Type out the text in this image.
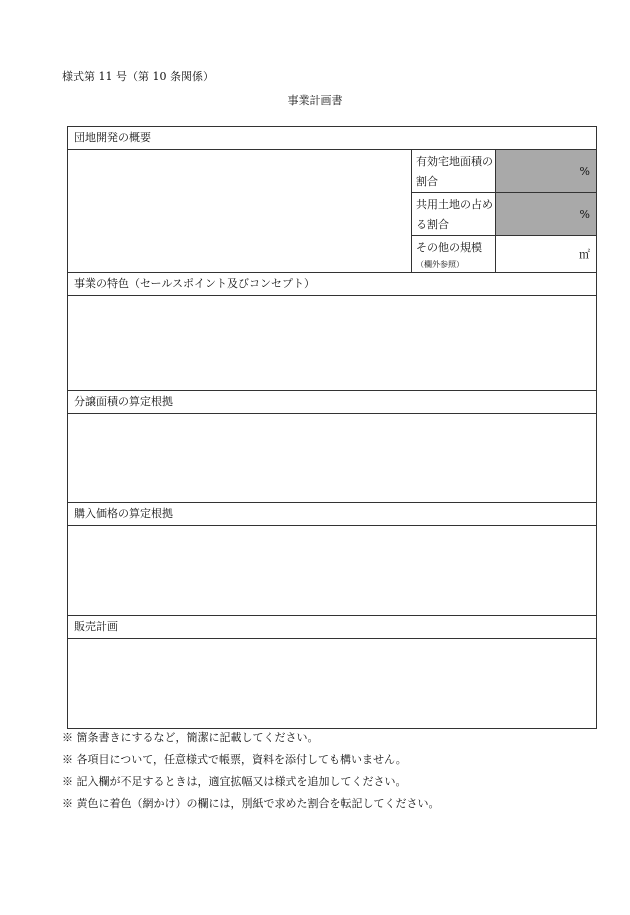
様式第 11 号（第 10 条関係）
事業計画書
団地開発の概要
有効宅地面積の割合
%
共用土地の占める割合
%
その他の規模
（欄外参照）
㎡
事業の特色（セールスポイント及びコンセプト）
分譲面積の算定根拠
購入価格の算定根拠
販売計画
※ 箇条書きにするなど，簡潔に記載してください。
※ 各項目について，任意様式で帳票，資料を添付しても構いません。
※ 記入欄が不足するときは，適宜拡幅又は様式を追加してください。
※ 黄色に着色（網かけ）の欄には，別紙で求めた割合を転記してください。
